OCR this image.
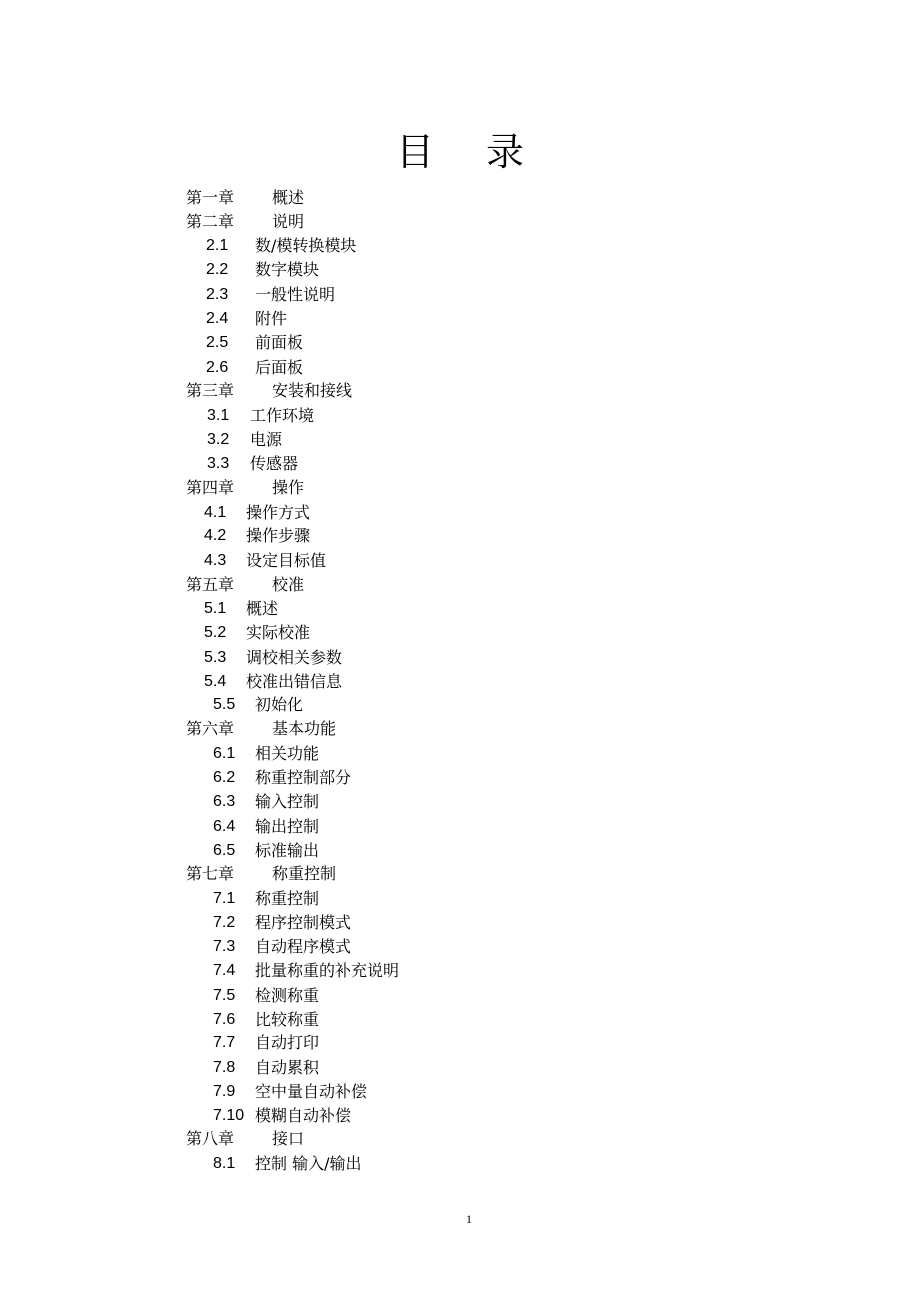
目 录
第一章 概述
第二章 说明
2.1 数/模转换模块
2.2 数字模块
2.3 一般性说明
2.4 附件
2.5 前面板
2.6 后面板
第三章 安装和接线
3.1 工作环境
3.2 电源
3.3 传感器
第四章 操作
4.1 操作方式
4.2 操作步骤
4.3 设定目标值
第五章 校准
5.1 概述
5.2 实际校准
5.3 调校相关参数
5.4 校准出错信息
5.5 初始化
第六章 基本功能
6.1 相关功能
6.2 称重控制部分
6.3 输入控制
6.4 输出控制
6.5 标准输出
第七章 称重控制
7.1 称重控制
7.2 程序控制模式
7.3 自动程序模式
7.4 批量称重的补充说明
7.5 检测称重
7.6 比较称重
7.7 自动打印
7.8 自动累积
7.9 空中量自动补偿
7.10 模糊自动补偿
第八章 接口
8.1 控制 输入/输出
1
